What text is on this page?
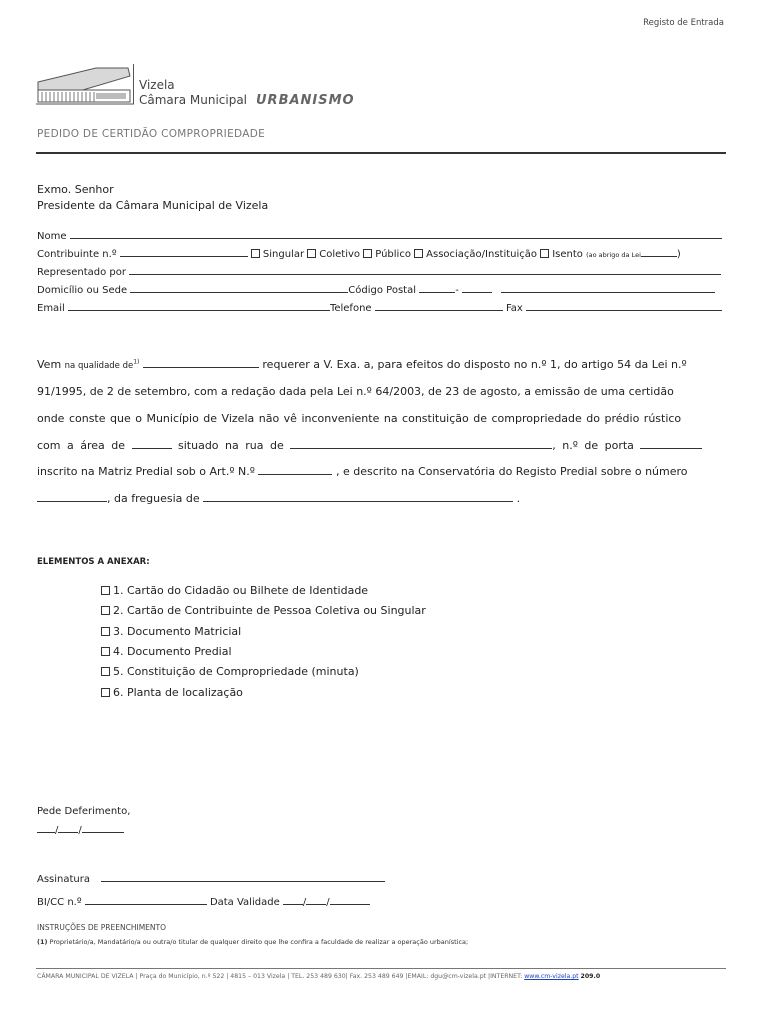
Registo de Entrada
Vizela
Câmara Municipal URBANISMO
PEDIDO DE CERTIDÃO COMPROPRIEDADE
Exmo. Senhor
Presidente da Câmara Municipal de Vizela
Nome
Contribuinte n.º	Singular Coletivo Público Associação/Instituição Isento (ao abrigo da Lei	)
Representado por
Domicílio ou Sede	Código Postal	-
Email	Telefone	Fax
Vem na qualidade $de^{1)}$	requerer a V. Exa. a, para efeitos do disposto no n.º 1, do artigo 54 da Lei n.º
91/1995, de 2 de setembro, com a redação dada pela Lei n.º 64/2003, de 23 de agosto, a emissão de uma certidão
onde conste que o Município de Vizela não vê inconveniente na constituição de compropriedade do prédio rústico
com a área de	situado na rua de	, n.º de porta
inscrito na Matriz Predial sob o Art.º N.º	, e descrito na Conservatória do Registo Predial sobre o número
, da freguesia de	.
ELEMENTOS A ANEXAR:
1. Cartão do Cidadão ou Bilhete de Identidade
2. Cartão de Contribuinte de Pessoa Coletiva ou Singular
3. Documento Matricial
4. Documento Predial
5. Constituição de Compropriedade (minuta)
6. Planta de localização
Pede Deferimento,
/ /
Assinatura
BI/CC n.º	Data Validade / /
INSTRUÇÕES DE PREENCHIMENTO
(1) Proprietário/a, Mandatário/a ou outra/o titular de qualquer direito que lhe confira a faculdade de realizar a operação urbanística;
CÂMARA MUNICIPAL DE VIZELA | Praça do Município, n.º 522 | 4815 – 013 Vizela | TEL. 253 489 630| Fax. 253 489 649 |EMAIL: dgu@cm-vizela.pt |INTERNET: www.cm-vizela.pt 209.0
